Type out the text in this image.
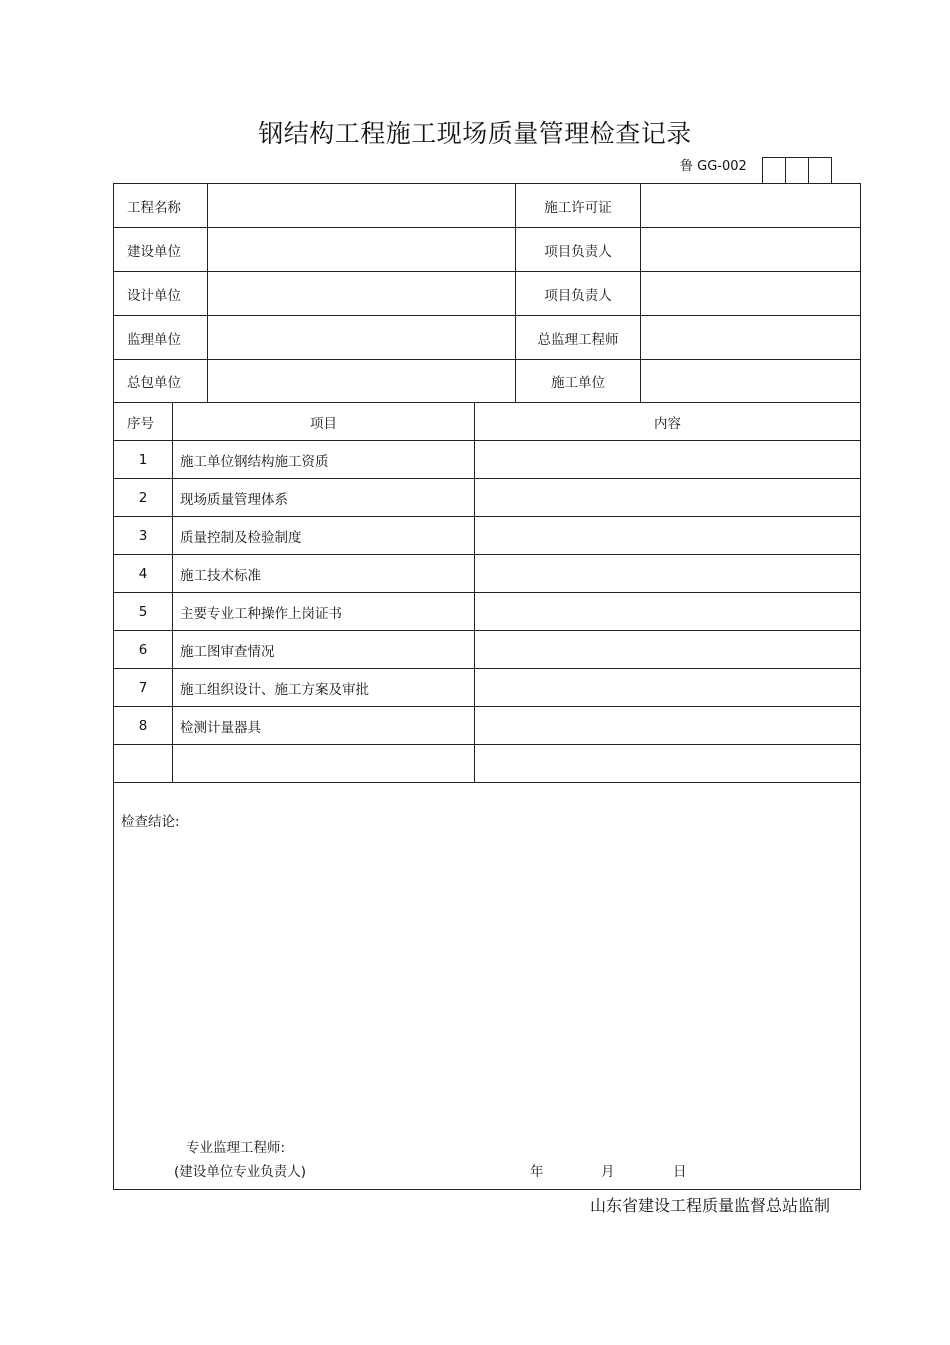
钢结构工程施工现场质量管理检查记录
鲁 GG-002
工程名称	施工许可证
建设单位	项目负责人
设计单位	项目负责人
监理单位	总监理工程师
总包单位	施工单位
序号	项目	内容
1	施工单位钢结构施工资质
2	现场质量管理体系
3	质量控制及检验制度
4	施工技术标准
5	主要专业工种操作上岗证书
6	施工图审查情况
7	施工组织设计、施工方案及审批
8	检测计量器具
检查结论:
专业监理工程师:
(建设单位专业负责人)	年	月	日
山东省建设工程质量监督总站监制
